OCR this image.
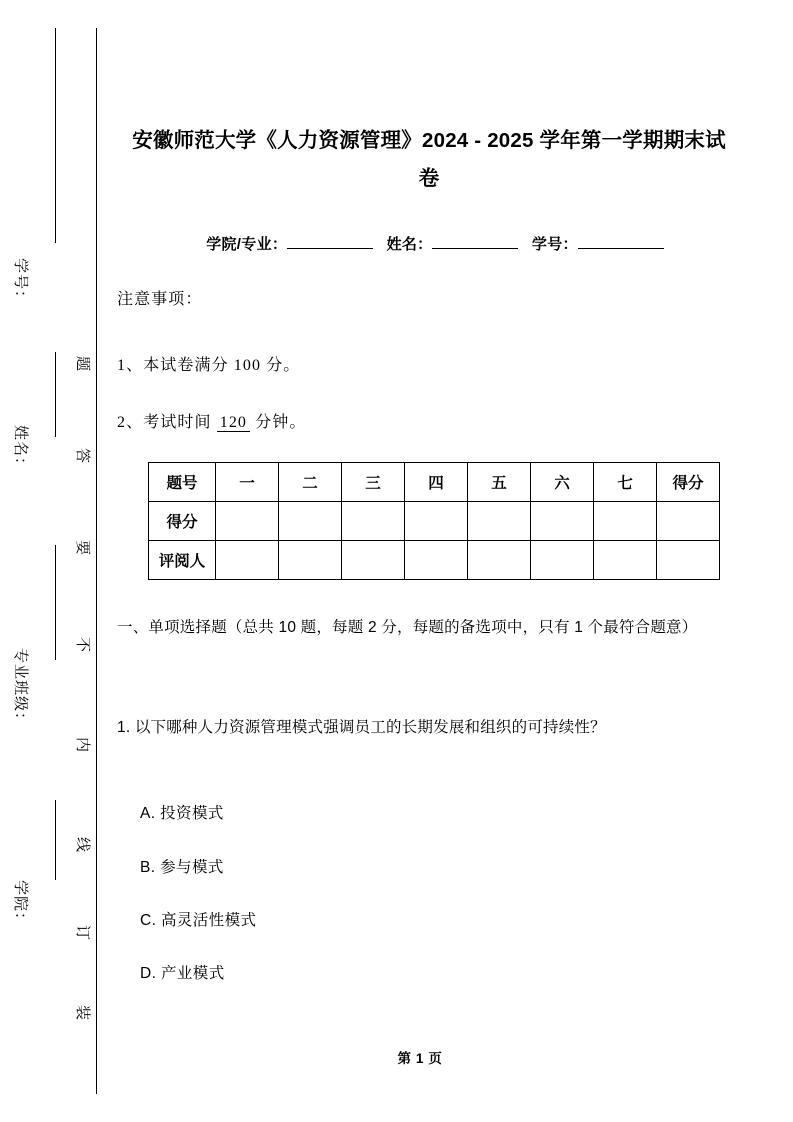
学号：
姓名：
专业班级：
学院：
题
答
要
不
内
线
订
装
安徽师范大学《人力资源管理》2024 - 2025 学年第一学期期末试卷
学院/专业：	姓名：	学号：
注意事项：
1、本试卷满分 100 分。
2、考试时间 120 分钟。
题号	一	二	三	四	五	六	七	得分
得分								
评阅人								
一、单项选择题（总共 10 题，每题 2 分，每题的备选项中，只有 1 个最符合题意）
1. 以下哪种人力资源管理模式强调员工的长期发展和组织的可持续性？
A. 投资模式
B. 参与模式
C. 高灵活性模式
D. 产业模式
第 1 页
